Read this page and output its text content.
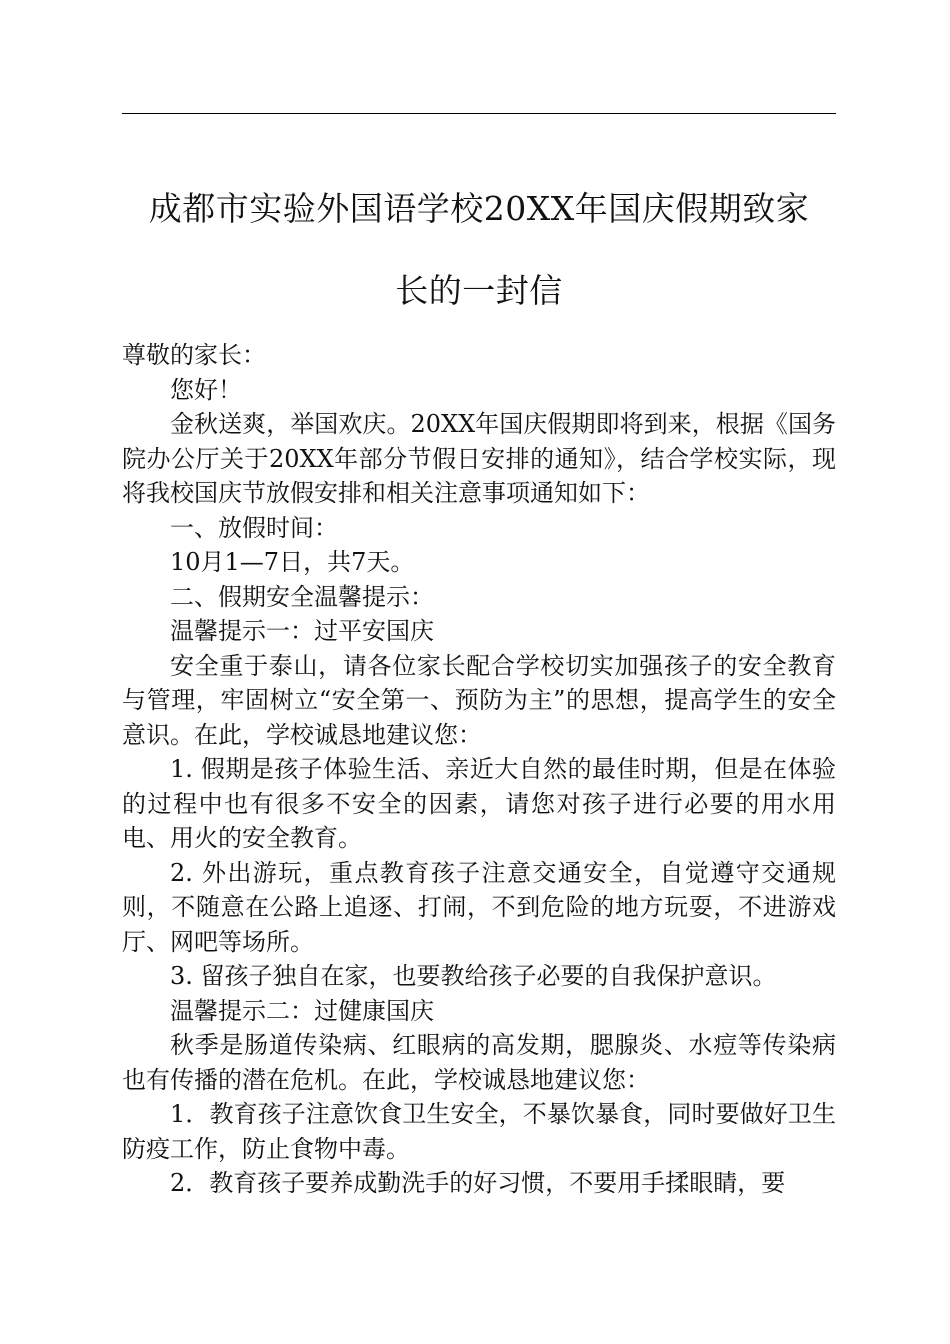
成都市实验外国语学校20XX年国庆假期致家
长的一封信

尊敬的家长：

您好！

金秋送爽，举国欢庆。20XX年国庆假期即将到来，根据《国务院办公厅关于20XX年部分节假日安排的通知》，结合学校实际，现将我校国庆节放假安排和相关注意事项通知如下：

一、放假时间：

10月1—7日，共7天。

二、假期安全温馨提示：

温馨提示一：过平安国庆

安全重于泰山，请各位家长配合学校切实加强孩子的安全教育与管理，牢固树立“安全第一、预防为主”的思想，提高学生的安全意识。在此，学校诚恳地建议您：

1. 假期是孩子体验生活、亲近大自然的最佳时期，但是在体验的过程中也有很多不安全的因素，请您对孩子进行必要的用水用电、用火的安全教育。

2. 外出游玩，重点教育孩子注意交通安全，自觉遵守交通规则，不随意在公路上追逐、打闹，不到危险的地方玩耍，不进游戏厅、网吧等场所。

3. 留孩子独自在家，也要教给孩子必要的自我保护意识。

温馨提示二：过健康国庆

秋季是肠道传染病、红眼病的高发期，腮腺炎、水痘等传染病也有传播的潜在危机。在此，学校诚恳地建议您：

1．教育孩子注意饮食卫生安全，不暴饮暴食，同时要做好卫生防疫工作，防止食物中毒。

2．教育孩子要养成勤洗手的好习惯，不要用手揉眼睛，要
